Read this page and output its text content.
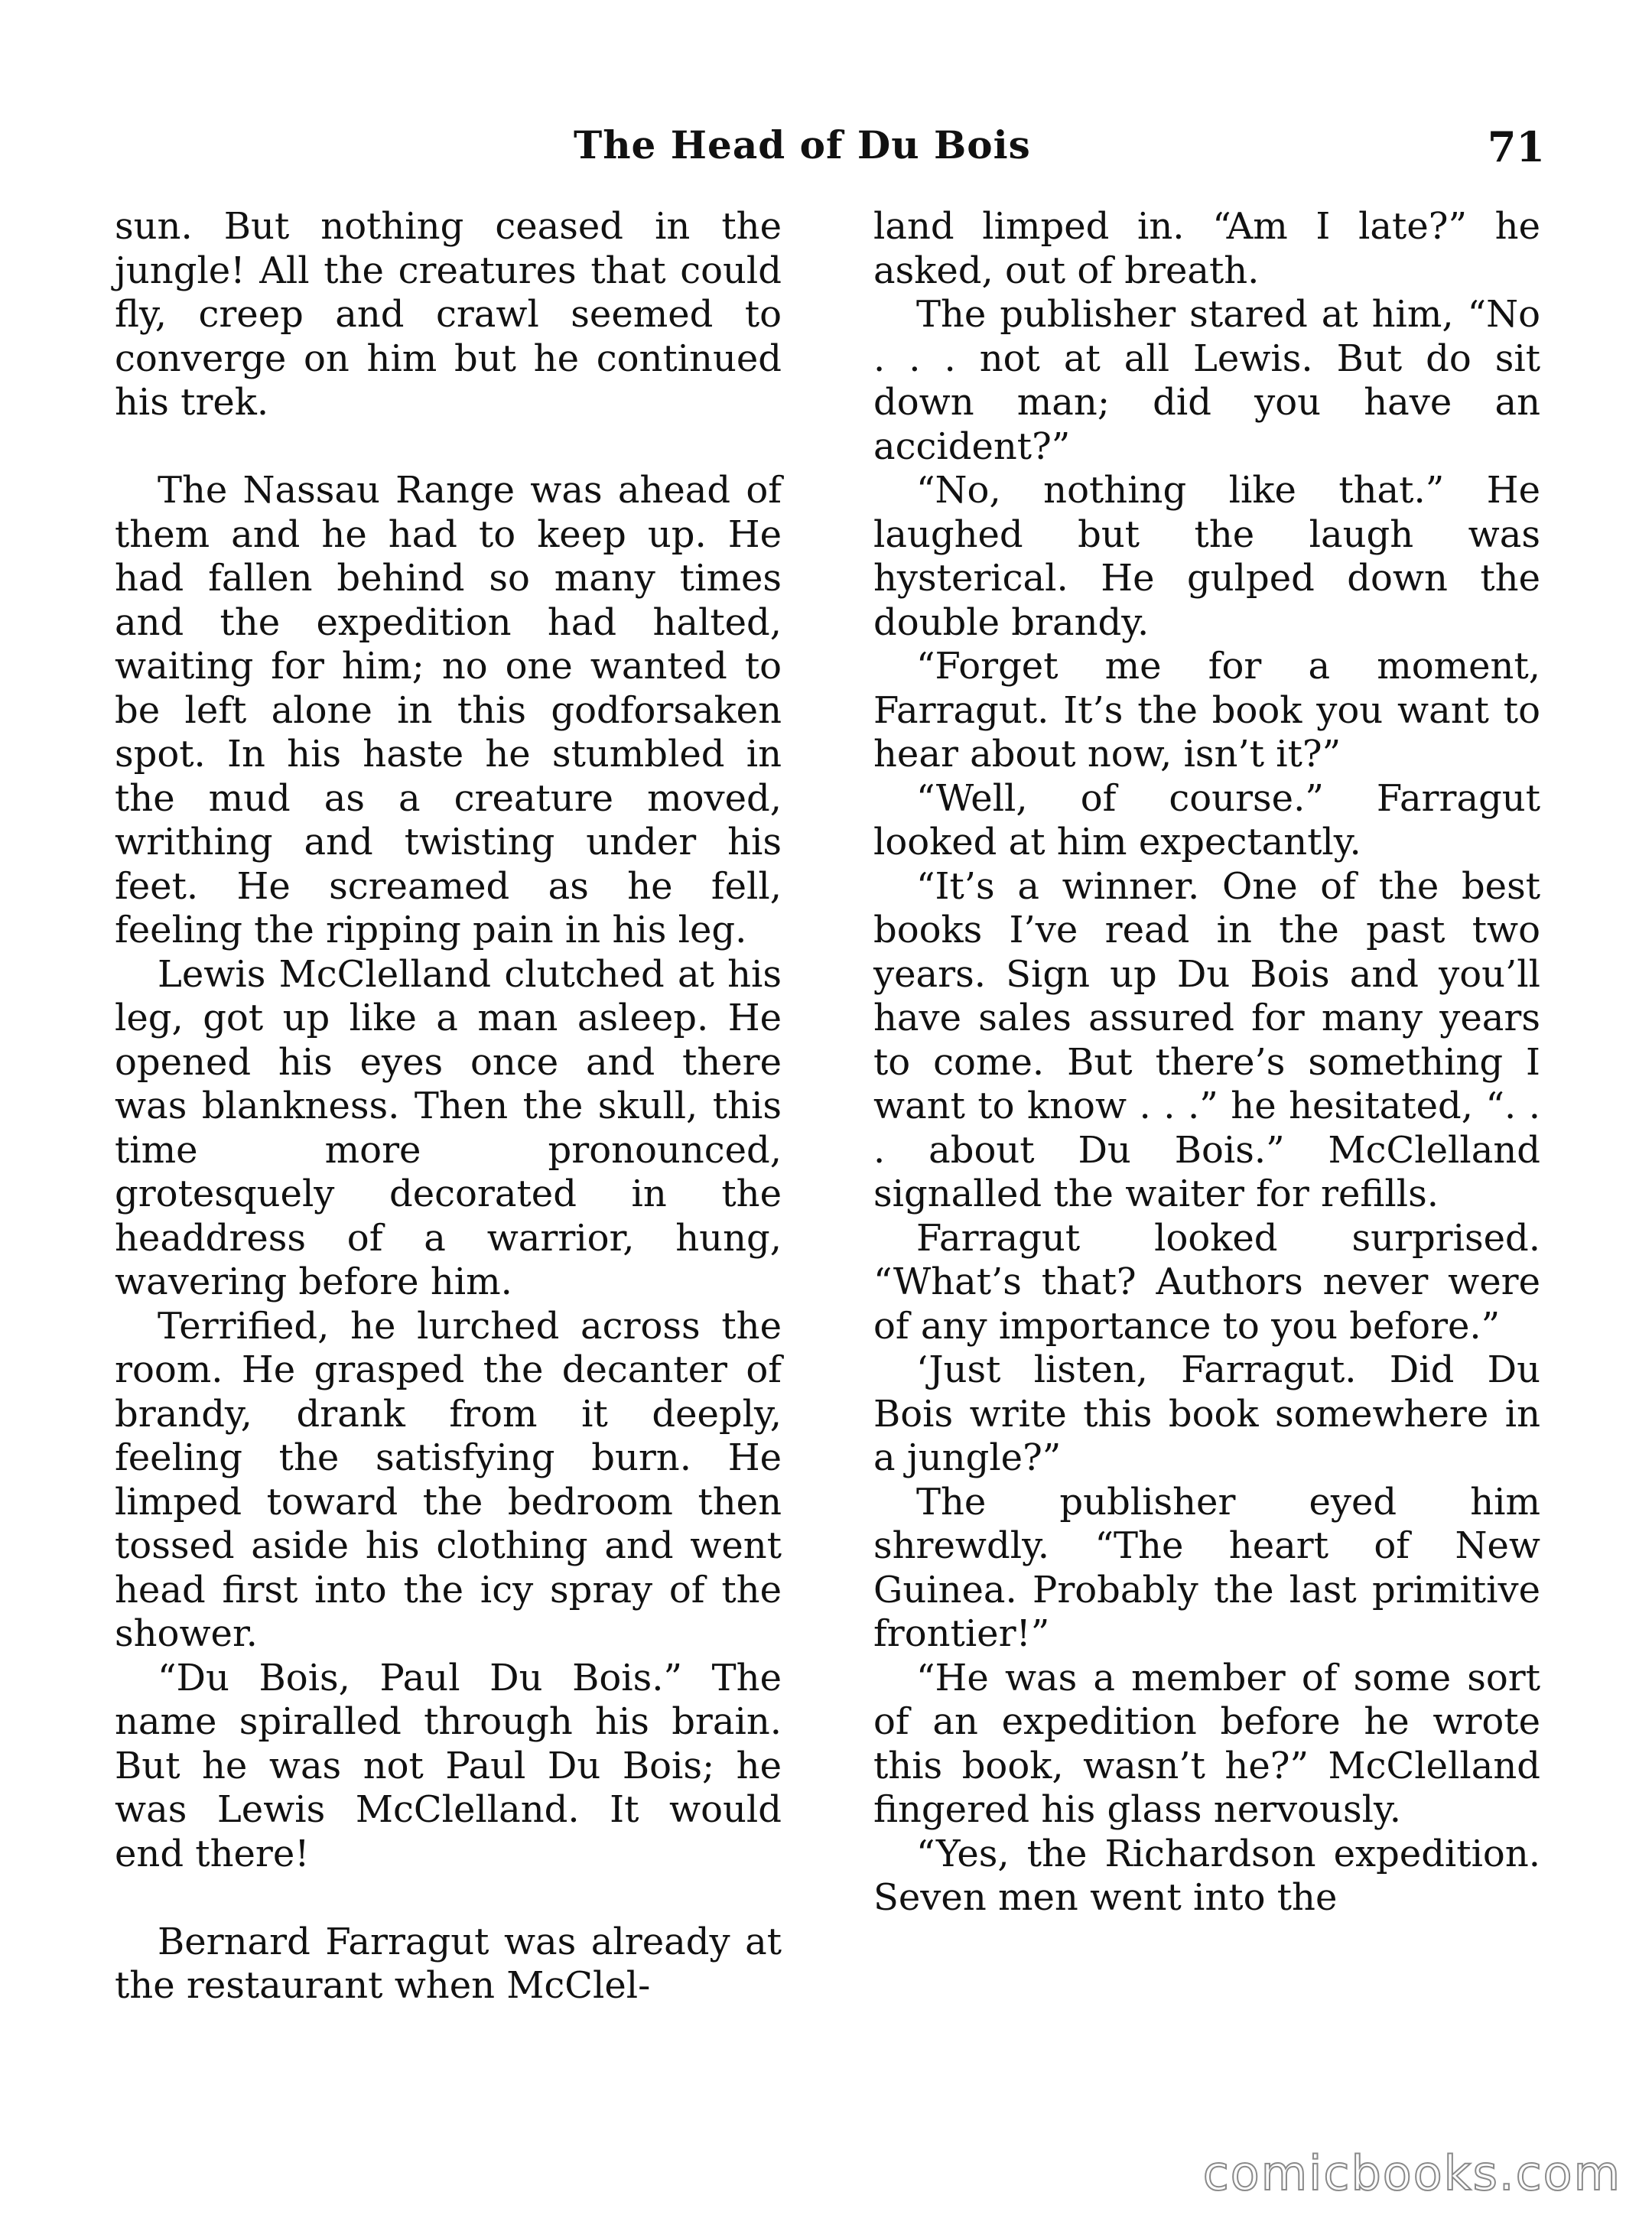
The Head of Du Bois	71

sun. But nothing ceased in the jungle! All the creatures that could fly, creep and crawl seemed to converge on him but he continued his trek.

The Nassau Range was ahead of them and he had to keep up. He had fallen behind so many times and the expedition had halted, waiting for him; no one wanted to be left alone in this godforsaken spot. In his haste he stumbled in the mud as a creature moved, writhing and twisting under his feet. He screamed as he fell, feeling the ripping pain in his leg.

Lewis McClelland clutched at his leg, got up like a man asleep. He opened his eyes once and there was blankness. Then the skull, this time more pronounced, grotesquely decorated in the headdress of a warrior, hung, wavering before him.

Terrified, he lurched across the room. He grasped the decanter of brandy, drank from it deeply, feeling the satisfying burn. He limped toward the bedroom then tossed aside his clothing and went head first into the icy spray of the shower.

“Du Bois, Paul Du Bois.” The name spiralled through his brain. But he was not Paul Du Bois; he was Lewis McClelland. It would end there!

Bernard Farragut was already at the restaurant when McClel-

land limped in. “Am I late?” he asked, out of breath.

The publisher stared at him, “No . . . not at all Lewis. But do sit down man; did you have an accident?”

“No, nothing like that.” He laughed but the laugh was hysterical. He gulped down the double brandy.

“Forget me for a moment, Farragut. It’s the book you want to hear about now, isn’t it?”

“Well, of course.” Farragut looked at him expectantly.

“It’s a winner. One of the best books I’ve read in the past two years. Sign up Du Bois and you’ll have sales assured for many years to come. But there’s something I want to know . . .” he hesitated, “. . . about Du Bois.” McClelland signalled the waiter for refills.

Farragut looked surprised. “What’s that? Authors never were of any importance to you before.”

‘Just listen, Farragut. Did Du Bois write this book somewhere in a jungle?”

The publisher eyed him shrewdly. “The heart of New Guinea. Probably the last primitive frontier!”

“He was a member of some sort of an expedition before he wrote this book, wasn’t he?” McClelland fingered his glass nervously.

“Yes, the Richardson expedition. Seven men went into the

comicbooks.com
